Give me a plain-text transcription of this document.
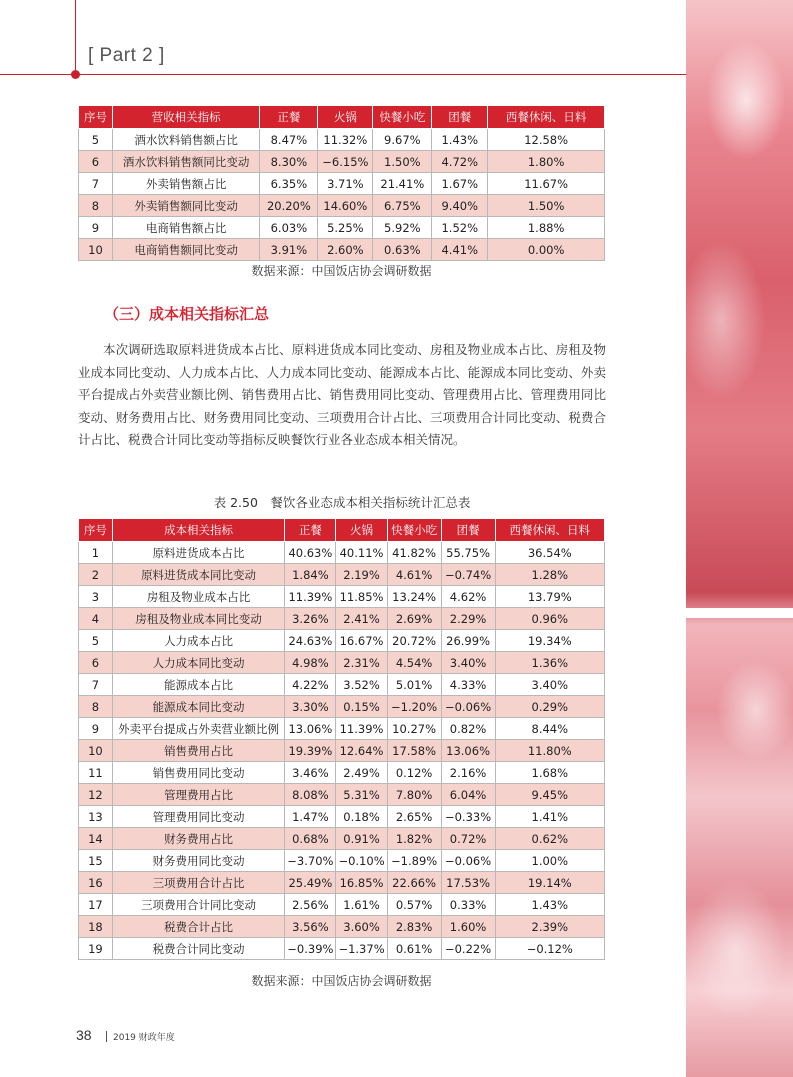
[ Part 2 ]
序号	营收相关指标	正餐	火锅	快餐小吃	团餐	西餐休闲、日料
5	酒水饮料销售额占比	8.47%	11.32%	9.67%	1.43%	12.58%
6	酒水饮料销售额同比变动	8.30%	−6.15%	1.50%	4.72%	1.80%
7	外卖销售额占比	6.35%	3.71%	21.41%	1.67%	11.67%
8	外卖销售额同比变动	20.20%	14.60%	6.75%	9.40%	1.50%
9	电商销售额占比	6.03%	5.25%	5.92%	1.52%	1.88%
10	电商销售额同比变动	3.91%	2.60%	0.63%	4.41%	0.00%
数据来源：中国饭店协会调研数据
（三）成本相关指标汇总
本次调研选取原料进货成本占比、原料进货成本同比变动、房租及物业成本占比、房租及物业成本同比变动、人力成本占比、人力成本同比变动、能源成本占比、能源成本同比变动、外卖平台提成占外卖营业额比例、销售费用占比、销售费用同比变动、管理费用占比、管理费用同比变动、财务费用占比、财务费用同比变动、三项费用合计占比、三项费用合计同比变动、税费合计占比、税费合计同比变动等指标反映餐饮行业各业态成本相关情况。
表 2.50　餐饮各业态成本相关指标统计汇总表
序号	成本相关指标	正餐	火锅	快餐小吃	团餐	西餐休闲、日料
1	原料进货成本占比	40.63%	40.11%	41.82%	55.75%	36.54%
2	原料进货成本同比变动	1.84%	2.19%	4.61%	−0.74%	1.28%
3	房租及物业成本占比	11.39%	11.85%	13.24%	4.62%	13.79%
4	房租及物业成本同比变动	3.26%	2.41%	2.69%	2.29%	0.96%
5	人力成本占比	24.63%	16.67%	20.72%	26.99%	19.34%
6	人力成本同比变动	4.98%	2.31%	4.54%	3.40%	1.36%
7	能源成本占比	4.22%	3.52%	5.01%	4.33%	3.40%
8	能源成本同比变动	3.30%	0.15%	−1.20%	−0.06%	0.29%
9	外卖平台提成占外卖营业额比例	13.06%	11.39%	10.27%	0.82%	8.44%
10	销售费用占比	19.39%	12.64%	17.58%	13.06%	11.80%
11	销售费用同比变动	3.46%	2.49%	0.12%	2.16%	1.68%
12	管理费用占比	8.08%	5.31%	7.80%	6.04%	9.45%
13	管理费用同比变动	1.47%	0.18%	2.65%	−0.33%	1.41%
14	财务费用占比	0.68%	0.91%	1.82%	0.72%	0.62%
15	财务费用同比变动	−3.70%	−0.10%	−1.89%	−0.06%	1.00%
16	三项费用合计占比	25.49%	16.85%	22.66%	17.53%	19.14%
17	三项费用合计同比变动	2.56%	1.61%	0.57%	0.33%	1.43%
18	税费合计占比	3.56%	3.60%	2.83%	1.60%	2.39%
19	税费合计同比变动	−0.39%	−1.37%	0.61%	−0.22%	−0.12%
数据来源：中国饭店协会调研数据
38 2019 财政年度
